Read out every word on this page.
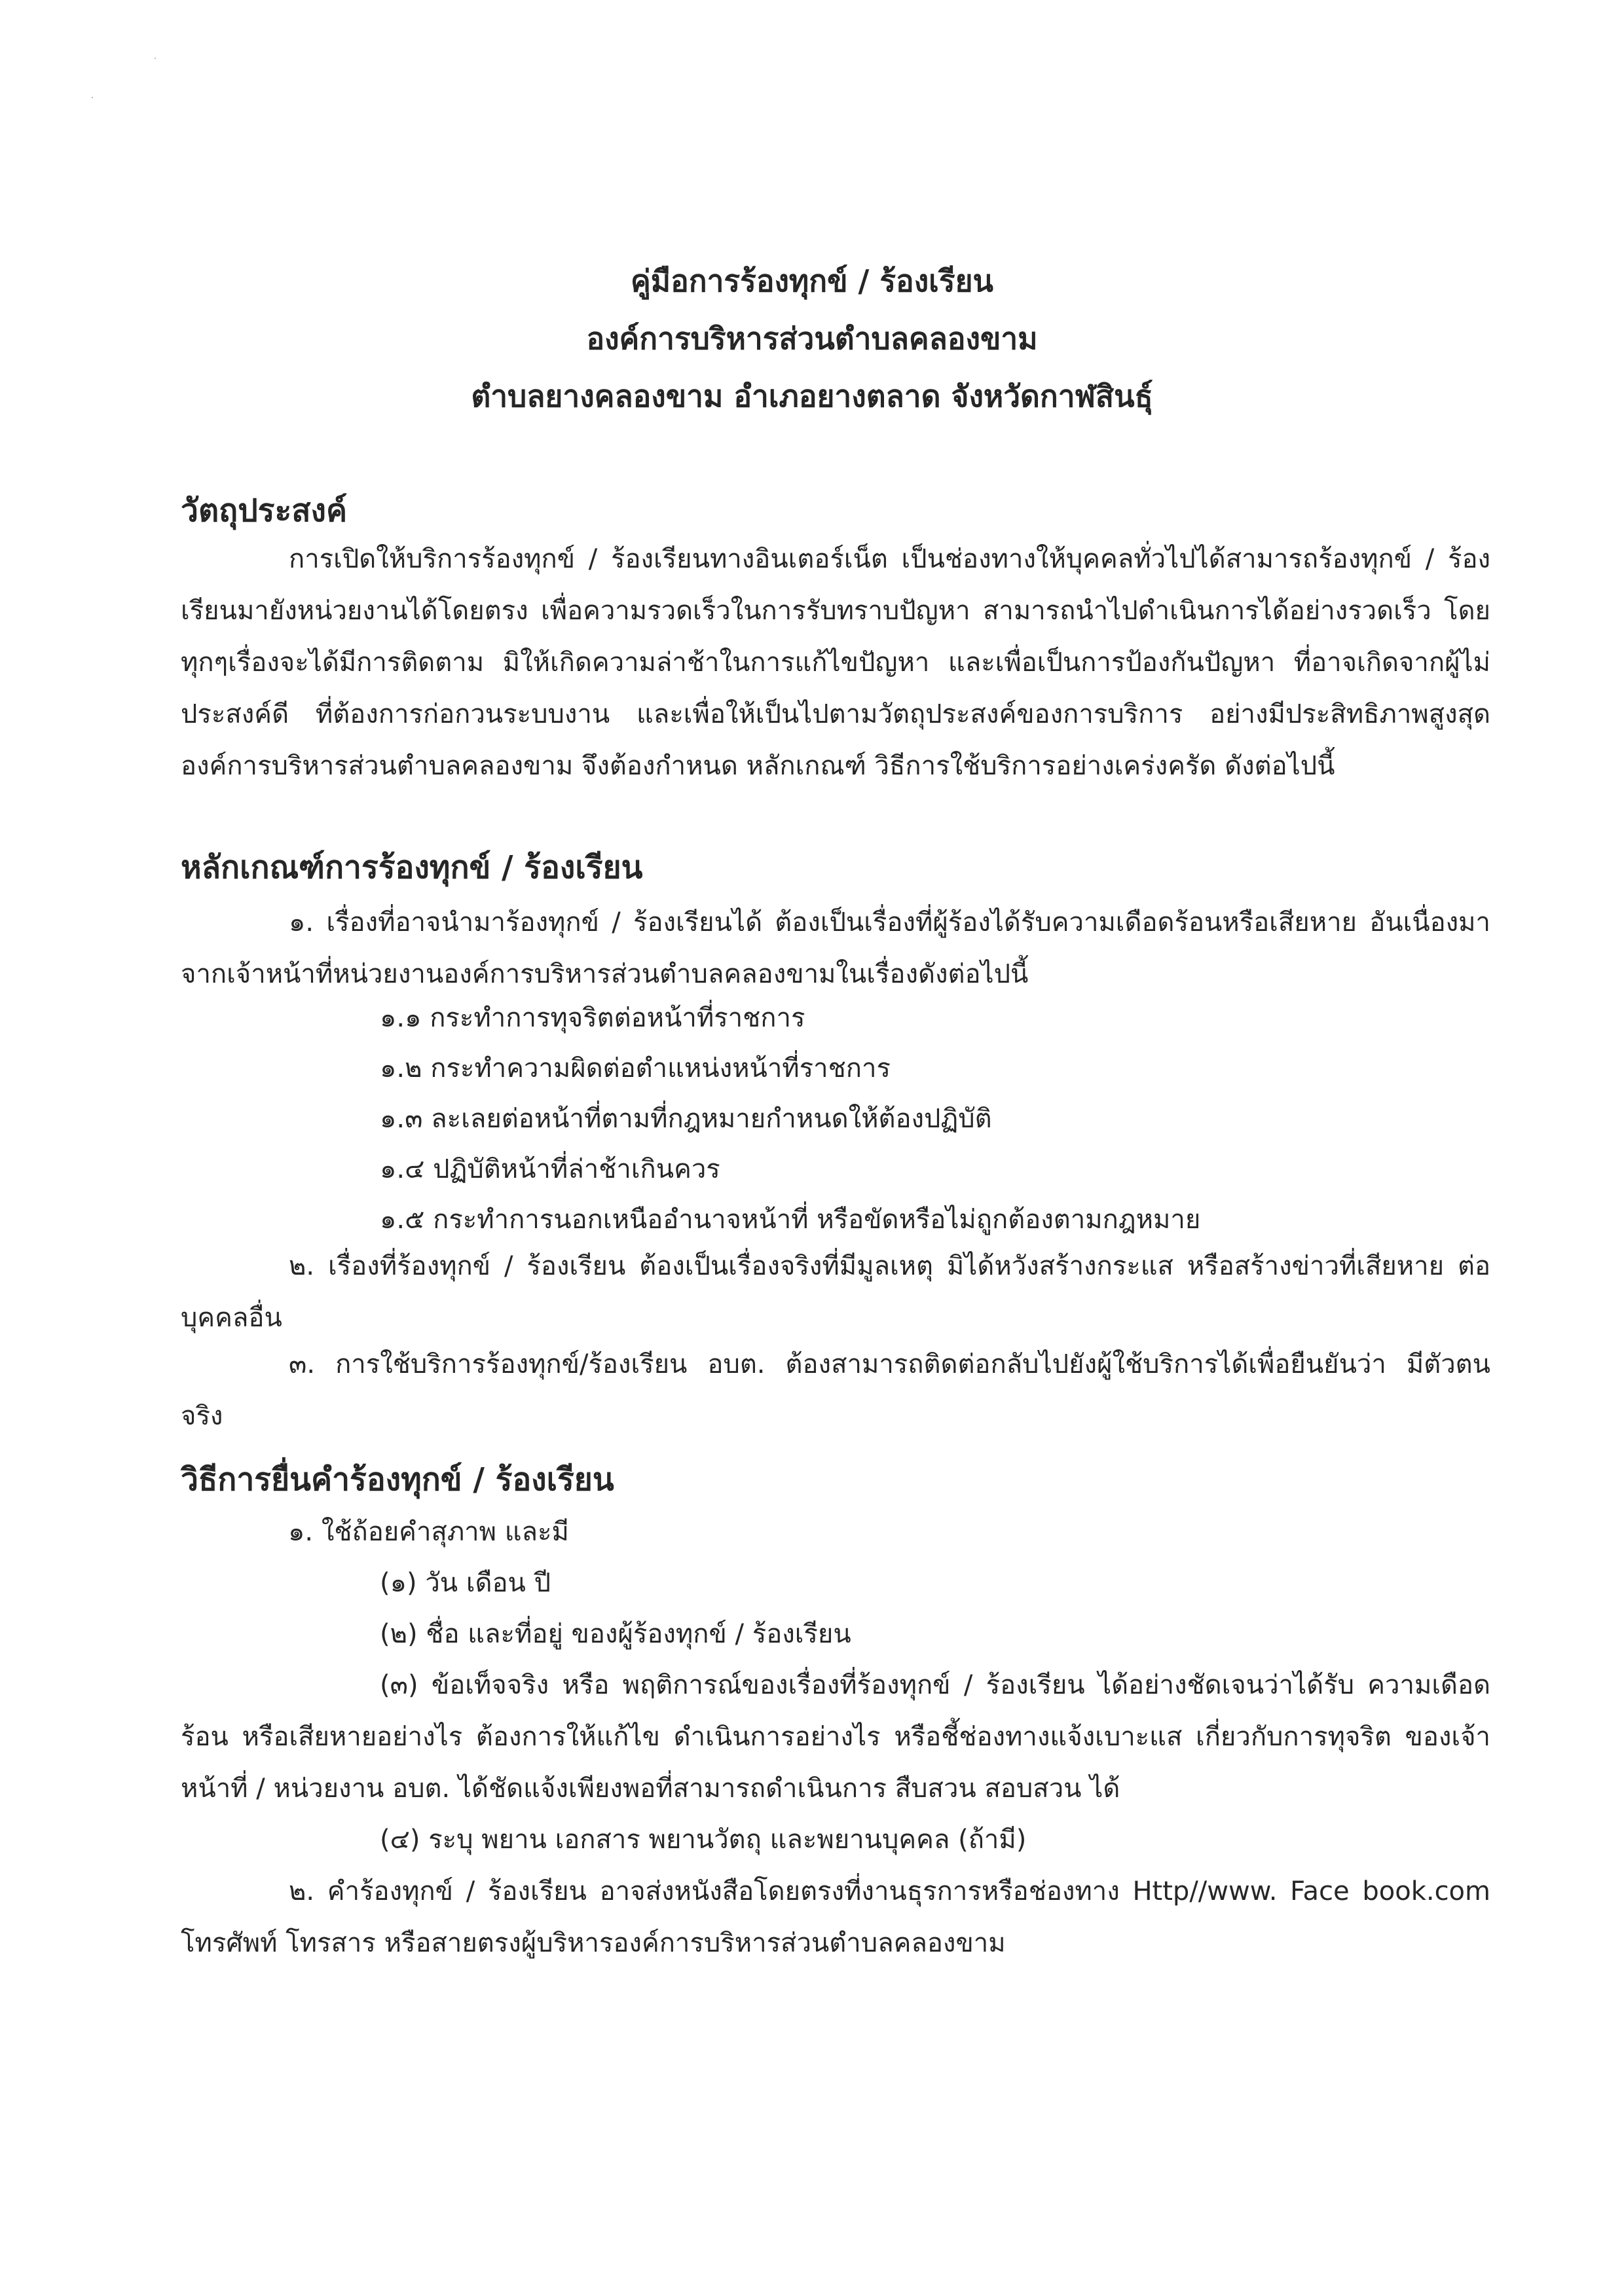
คู่มือการร้องทุกข์ / ร้องเรียน
องค์การบริหารส่วนตำบลคลองขาม
ตำบลยางคลองขาม อำเภอยางตลาด จังหวัดกาฬสินธุ์
วัตถุประสงค์

การเปิดให้บริการร้องทุกข์ / ร้องเรียนทางอินเตอร์เน็ต เป็นช่องทางให้บุคคลทั่วไปได้สามารถร้องทุกข์ / ร้องเรียนมายังหน่วยงานได้โดยตรง เพื่อความรวดเร็วในการรับทราบปัญหา สามารถนำไปดำเนินการได้อย่างรวดเร็ว โดยทุกๆเรื่องจะได้มีการติดตาม มิให้เกิดความล่าช้าในการแก้ไขปัญหา และเพื่อเป็นการป้องกันปัญหา ที่อาจเกิดจากผู้ไม่ประสงค์ดี ที่ต้องการก่อกวนระบบงาน และเพื่อให้เป็นไปตามวัตถุประสงค์ของการบริการ อย่างมีประสิทธิภาพสูงสุด องค์การบริหารส่วนตำบลคลองขาม จึงต้องกำหนด หลักเกณฑ์ วิธีการใช้บริการอย่างเคร่งครัด ดังต่อไปนี้

หลักเกณฑ์การร้องทุกข์ / ร้องเรียน

๑. เรื่องที่อาจนำมาร้องทุกข์ / ร้องเรียนได้ ต้องเป็นเรื่องที่ผู้ร้องได้รับความเดือดร้อนหรือเสียหาย อันเนื่องมาจากเจ้าหน้าที่หน่วยงานองค์การบริหารส่วนตำบลคลองขามในเรื่องดังต่อไปนี้

๑.๑ กระทำการทุจริตต่อหน้าที่ราชการ
๑.๒ กระทำความผิดต่อตำแหน่งหน้าที่ราชการ
๑.๓ ละเลยต่อหน้าที่ตามที่กฎหมายกำหนดให้ต้องปฏิบัติ
๑.๔ ปฏิบัติหน้าที่ล่าช้าเกินควร
๑.๕ กระทำการนอกเหนืออำนาจหน้าที่ หรือขัดหรือไม่ถูกต้องตามกฎหมาย

๒. เรื่องที่ร้องทุกข์ / ร้องเรียน ต้องเป็นเรื่องจริงที่มีมูลเหตุ มิได้หวังสร้างกระแส หรือสร้างข่าวที่เสียหาย ต่อบุคคลอื่น

๓. การใช้บริการร้องทุกข์/ร้องเรียน อบต. ต้องสามารถติดต่อกลับไปยังผู้ใช้บริการได้เพื่อยืนยันว่า มีตัวตน จริง

วิธีการยื่นคำร้องทุกข์ / ร้องเรียน
๑. ใช้ถ้อยคำสุภาพ และมี
(๑) วัน เดือน ปี
(๒) ชื่อ และที่อยู่ ของผู้ร้องทุกข์ / ร้องเรียน

(๓) ข้อเท็จจริง หรือ พฤติการณ์ของเรื่องที่ร้องทุกข์ / ร้องเรียน ได้อย่างชัดเจนว่าได้รับ ความเดือดร้อน หรือเสียหายอย่างไร ต้องการให้แก้ไข ดำเนินการอย่างไร หรือชี้ช่องทางแจ้งเบาะแส เกี่ยวกับการทุจริต ของเจ้าหน้าที่ / หน่วยงาน อบต. ได้ชัดแจ้งเพียงพอที่สามารถดำเนินการ สืบสวน สอบสวน ได้

(๔) ระบุ พยาน เอกสาร พยานวัตถุ และพยานบุคคล (ถ้ามี)

๒. คำร้องทุกข์ / ร้องเรียน อาจส่งหนังสือโดยตรงที่งานธุรการหรือช่องทาง Http//www. Face book.com โทรศัพท์ โทรสาร หรือสายตรงผู้บริหารองค์การบริหารส่วนตำบลคลองขาม
